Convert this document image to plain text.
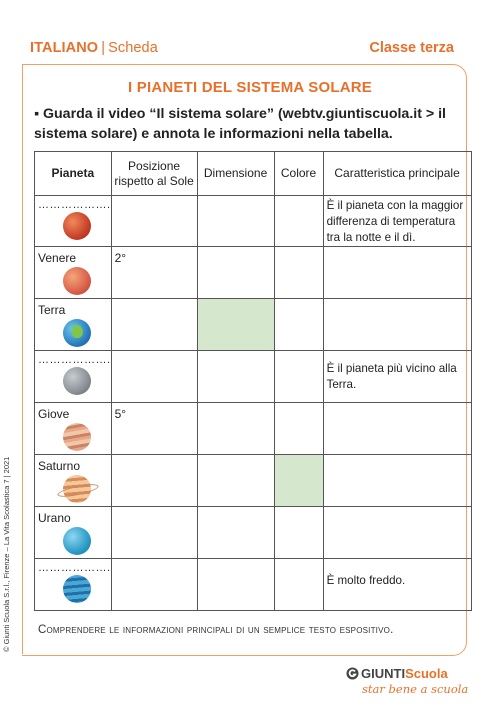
ITALIANO | Scheda	Classe terza
I PIANETI DEL SISTEMA SOLARE
▪ Guarda il video “Il sistema solare” (webtv.giuntiscuola.it > il sistema solare) e annota le informazioni nella tabella.
Pianeta	Posizione rispetto al Sole	Dimensione	Colore	Caratteristica principale

……………….				È il pianeta con la maggior differenza di temperatura tra la notte e il dì.

Venere	2°			

Terra				

……………….				È il pianeta più vicino alla Terra.

Giove	5°			

Saturno				

Urano				

……………….				È molto freddo.
Comprendere le informazioni principali di un semplice testo espositivo.
© Giunti Scuola S.r.l., Firenze – La Vita Scolastica 7 | 2021
GIUNTIScuola
star bene a scuola
